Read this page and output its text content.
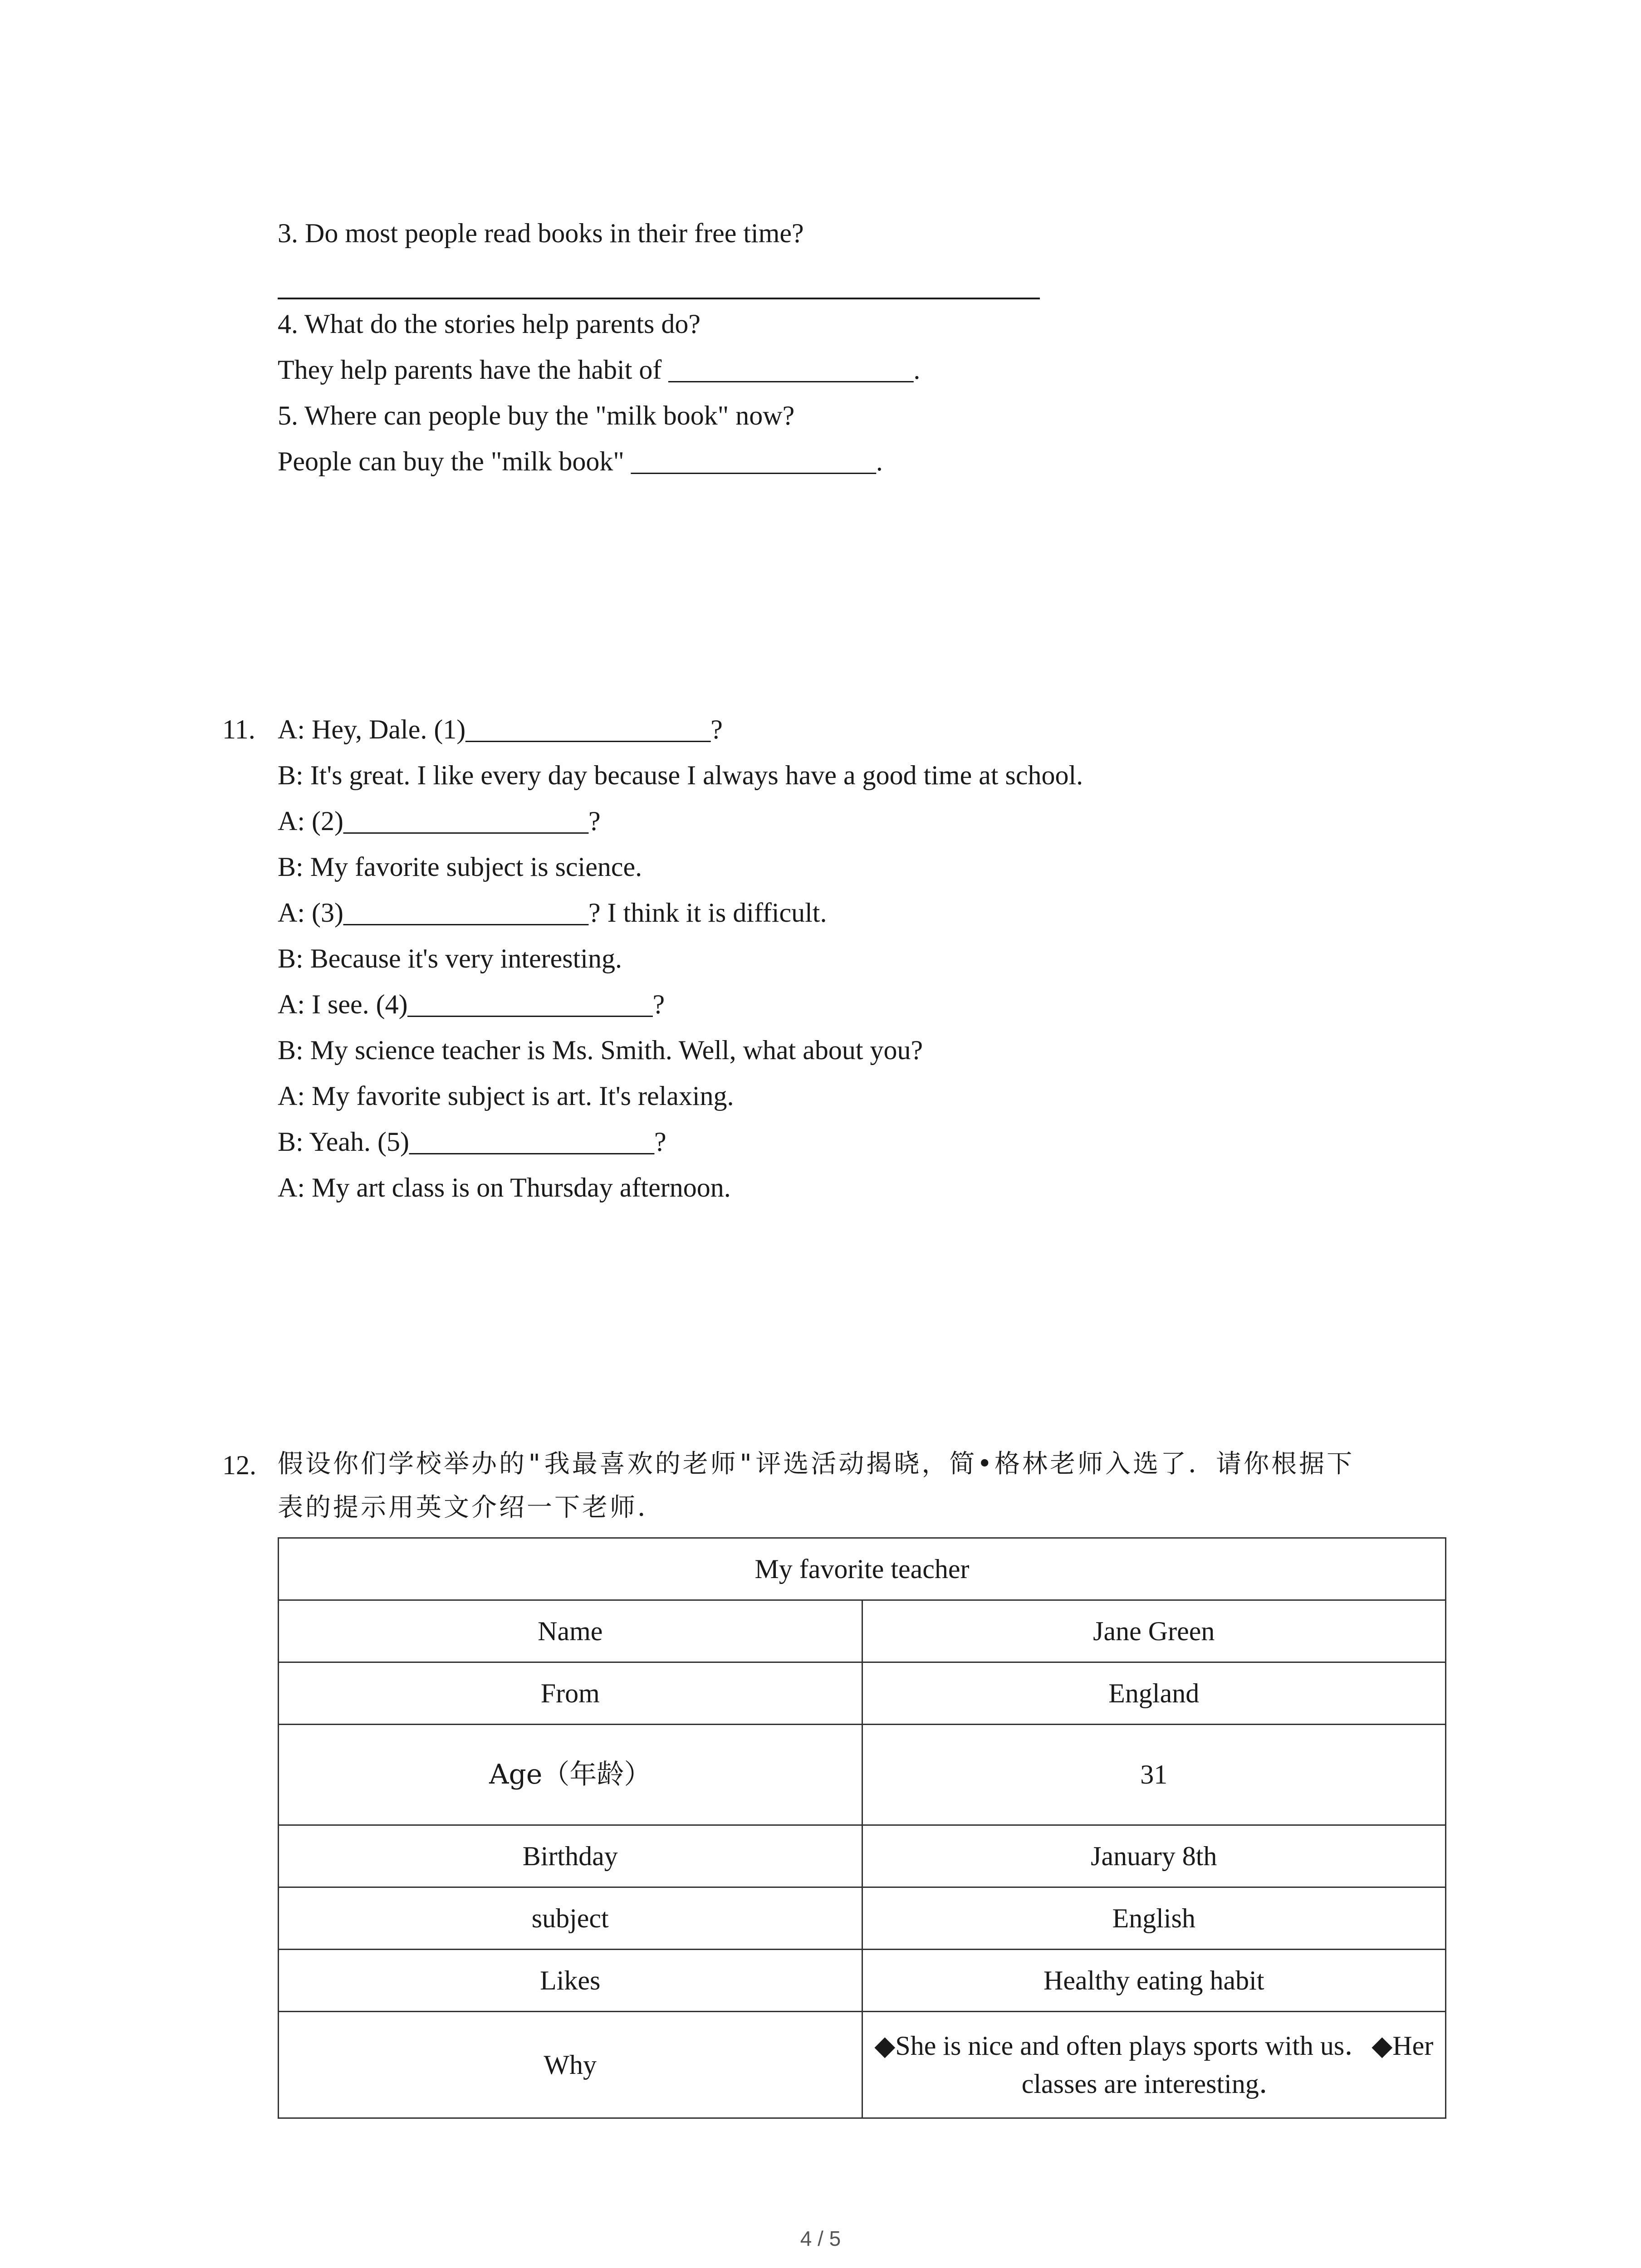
3. Do most people read books in their free time?
4. What do the stories help parents do?
They help parents have the habit of __________________.
5. Where can people buy the "milk book" now?
People can buy the "milk book" __________________.
11. A: Hey, Dale. (1)__________________?
B: It's great. I like every day because I always have a good time at school.
A: (2)__________________?
B: My favorite subject is science.
A: (3)__________________? I think it is difficult.
B: Because it's very interesting.
A: I see. (4)__________________?
B: My science teacher is Ms. Smith. Well, what about you?
A: My favorite subject is art. It's relaxing.
B: Yeah. (5)__________________?
A: My art class is on Thursday afternoon.
12. 假设你们学校举办的"我最喜欢的老师"评选活动揭晓，简•格林老师入选了．请你根据下
表的提示用英文介绍一下老师．
My favorite teacher	
Name	Jane Green
From	England
Age（年龄）	31
Birthday	January 8th
subject	English
Likes	Healthy eating habit
Why	◆She is nice and often plays sports with us．◆Her classes are interesting．
4 / 5
